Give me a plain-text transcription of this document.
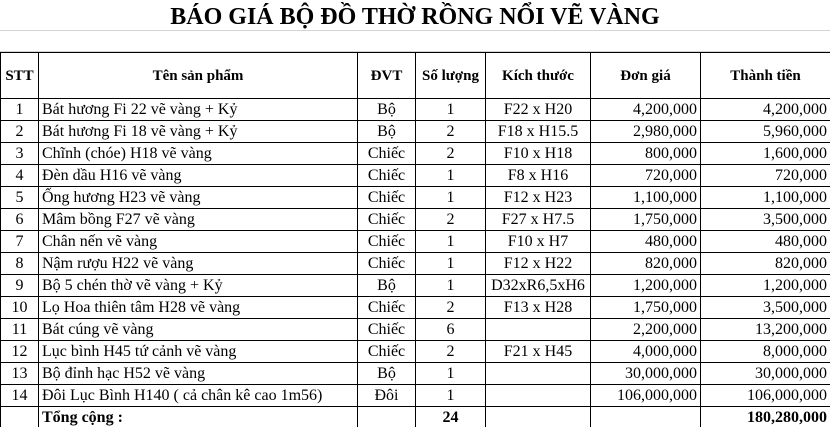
BÁO GIÁ BỘ ĐỒ THỜ RỒNG NỔI VẼ VÀNG
STT	Tên sản phẩm	ĐVT	Số lượng	Kích thước	Đơn giá	Thành tiền
1	Bát hương Fi 22 vẽ vàng + Kỷ	Bộ	1	F22 x H20	4,200,000	4,200,000
2	Bát hương Fi 18 vẽ vàng + Kỷ	Bộ	2	F18 x H15.5	2,980,000	5,960,000
3	Chĩnh (chóe) H18 vẽ vàng	Chiếc	2	F10 x H18	800,000	1,600,000
4	Đèn dầu H16 vẽ vàng	Chiếc	1	F8 x H16	720,000	720,000
5	Ống hương H23 vẽ vàng	Chiếc	1	F12 x H23	1,100,000	1,100,000
6	Mâm bồng F27 vẽ vàng	Chiếc	2	F27 x H7.5	1,750,000	3,500,000
7	Chân nến vẽ vàng	Chiếc	1	F10 x H7	480,000	480,000
8	Nậm rượu H22 vẽ vàng	Chiếc	1	F12 x H22	820,000	820,000
9	Bộ 5 chén thờ vẽ vàng + Kỷ	Bộ	1	D32xR6,5xH6	1,200,000	1,200,000
10	Lọ Hoa thiên tâm H28 vẽ vàng	Chiếc	2	F13 x H28	1,750,000	3,500,000
11	Bát cúng vẽ vàng	Chiếc	6		2,200,000	13,200,000
12	Lục bình H45 tứ cảnh vẽ vàng	Chiếc	2	F21 x H45	4,000,000	8,000,000
13	Bộ đỉnh hạc H52 vẽ vàng	Bộ	1		30,000,000	30,000,000
14	Đôi Lục Bình H140 ( cả chân kê cao 1m56)	Đôi	1		106,000,000	106,000,000
	Tổng cộng :		24			180,280,000
